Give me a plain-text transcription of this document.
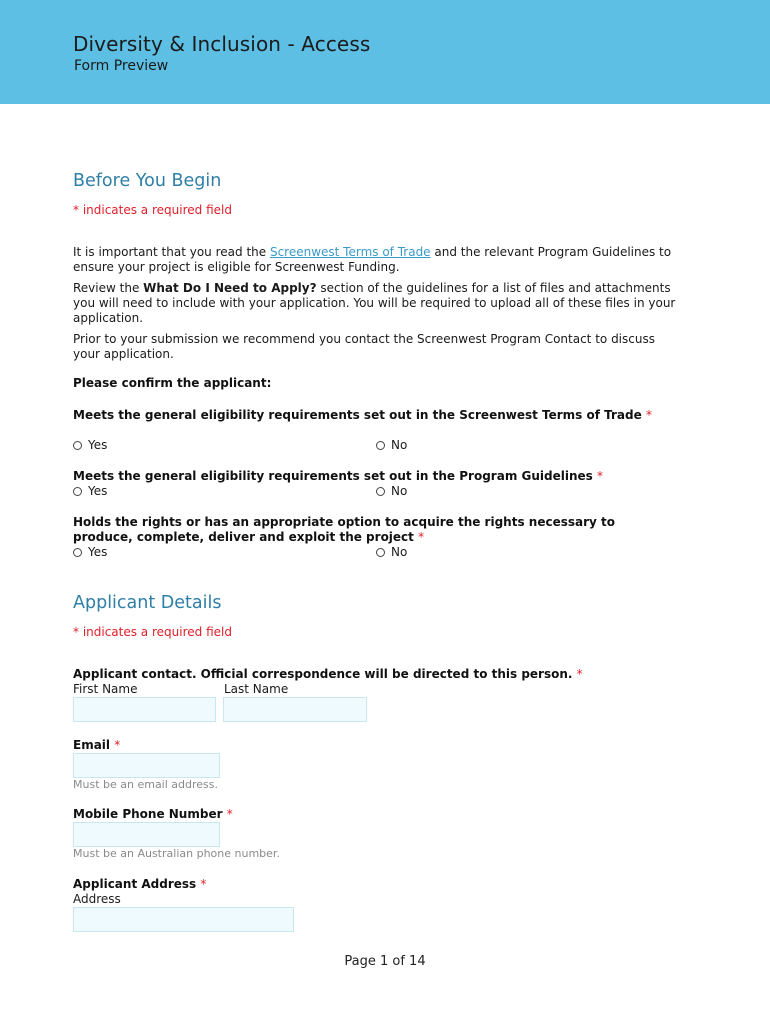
Diversity & Inclusion - Access
Form Preview
Before You Begin
* indicates a required field
It is important that you read the Screenwest Terms of Trade and the relevant Program Guidelines to ensure your project is eligible for Screenwest Funding.
Review the What Do I Need to Apply? section of the guidelines for a list of files and attachments you will need to include with your application. You will be required to upload all of these files in your application.
Prior to your submission we recommend you contact the Screenwest Program Contact to discuss your application.
Please confirm the applicant:
Meets the general eligibility requirements set out in the Screenwest Terms of Trade *
Yes	No
Meets the general eligibility requirements set out in the Program Guidelines *
Yes	No
Holds the rights or has an appropriate option to acquire the rights necessary to produce, complete, deliver and exploit the project *
Yes	No
Applicant Details
* indicates a required field
Applicant contact. Official correspondence will be directed to this person. *
First Name	Last Name
Email *
Must be an email address.
Mobile Phone Number *
Must be an Australian phone number.
Applicant Address *
Address
Page 1 of 14
